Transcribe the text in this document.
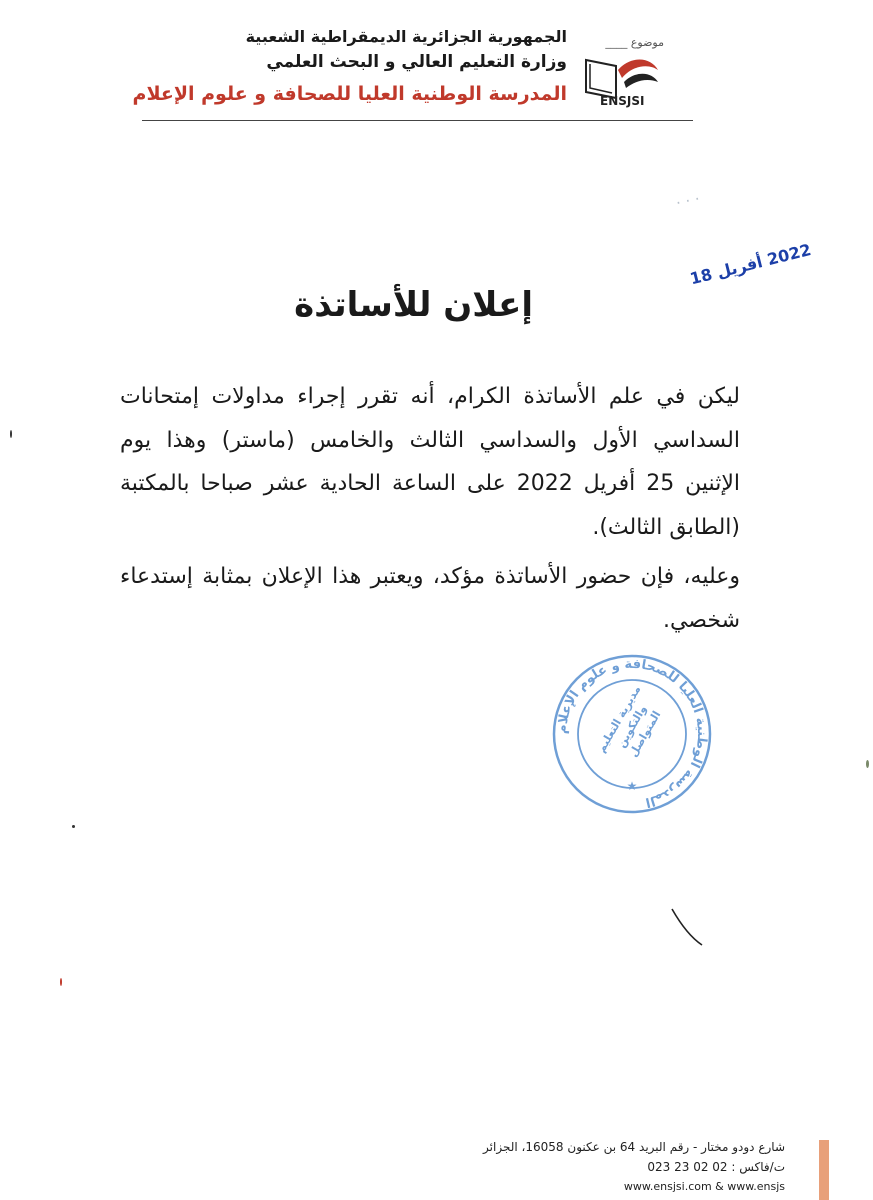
الجمهورية الجزائرية الديمقراطية الشعبية
وزارة التعليم العالي و البحث العلمي
المدرسة الوطنية العليا للصحافة و علوم الإعلام
موضوع ____
ENSJSI
· · ·
2022 أفريل 18
إعلان للأساتذة

ليكن في علم الأساتذة الكرام، أنه تقرر إجراء مداولات إمتحانات السداسي الأول والسداسي الثالث والخامس (ماستر) وهذا يوم الإثنين 25 أفريل 2022 على الساعة الحادية عشر صباحا بالمكتبة (الطابق الثالث).

وعليه، فإن حضور الأساتذة مؤكد، ويعتبر هذا الإعلان بمثابة إستدعاء شخصي.

المدرسة الوطنية العليا للصحافة و علوم الإعلام
★
مديرية التعليم والتكوين المتواصل
شارع دودو مختار - رقم البريد 64 بن عكنون 16058، الجزائر
ت/فاكس : 02 02 23 023
www.ensjsi.com & www.ensjs
